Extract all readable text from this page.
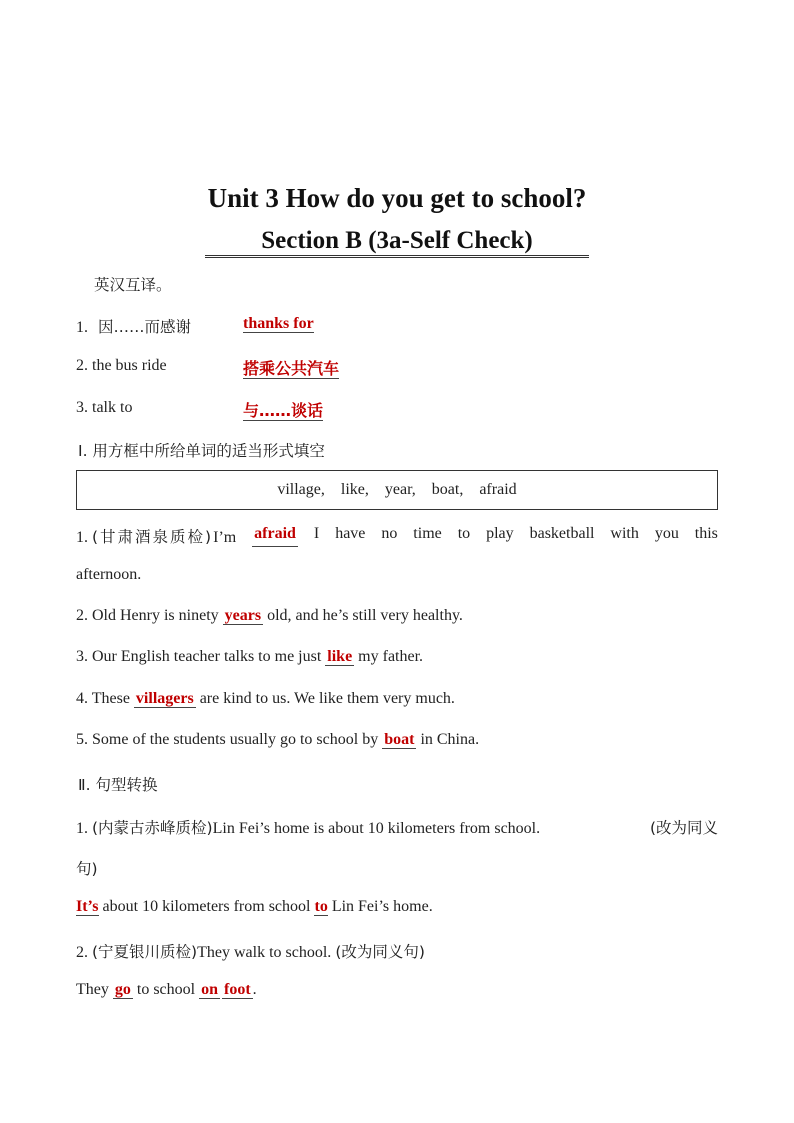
Unit 3 How do you get to school?
Section B (3a-Self Check)
英汉互译。
1. 因……而感谢	thanks for
2. the bus ride	搭乘公共汽车
3. talk to	与……谈话
Ⅰ. 用方框中所给单词的适当形式填空
village, like, year, boat, afraid
1. (甘肃酒泉质检)I’m afraid I have no time to play basketball with you this
afternoon.
2. Old Henry is ninety years old, and he’s still very healthy.
3. Our English teacher talks to me just like my father.
4. These villagers are kind to us. We like them very much.
5. Some of the students usually go to school by boat in China.
Ⅱ. 句型转换
1. (内蒙古赤峰质检)Lin Fei’s home is about 10 kilometers from school.	(改为同义
句)
It’s about 10 kilometers from school to Lin Fei’s home.
2. (宁夏银川质检)They walk to school. (改为同义句)
They go to school on foot .
